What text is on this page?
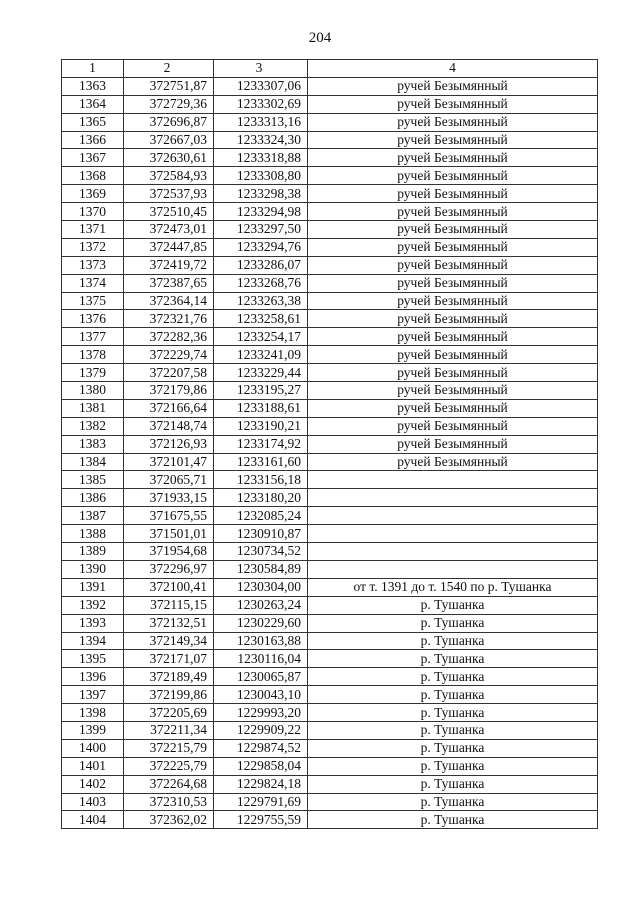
204
1	2	3	4
1363	372751,87	1233307,06	ручей Безымянный
1364	372729,36	1233302,69	ручей Безымянный
1365	372696,87	1233313,16	ручей Безымянный
1366	372667,03	1233324,30	ручей Безымянный
1367	372630,61	1233318,88	ручей Безымянный
1368	372584,93	1233308,80	ручей Безымянный
1369	372537,93	1233298,38	ручей Безымянный
1370	372510,45	1233294,98	ручей Безымянный
1371	372473,01	1233297,50	ручей Безымянный
1372	372447,85	1233294,76	ручей Безымянный
1373	372419,72	1233286,07	ручей Безымянный
1374	372387,65	1233268,76	ручей Безымянный
1375	372364,14	1233263,38	ручей Безымянный
1376	372321,76	1233258,61	ручей Безымянный
1377	372282,36	1233254,17	ручей Безымянный
1378	372229,74	1233241,09	ручей Безымянный
1379	372207,58	1233229,44	ручей Безымянный
1380	372179,86	1233195,27	ручей Безымянный
1381	372166,64	1233188,61	ручей Безымянный
1382	372148,74	1233190,21	ручей Безымянный
1383	372126,93	1233174,92	ручей Безымянный
1384	372101,47	1233161,60	ручей Безымянный
1385	372065,71	1233156,18	
1386	371933,15	1233180,20	
1387	371675,55	1232085,24	
1388	371501,01	1230910,87	
1389	371954,68	1230734,52	
1390	372296,97	1230584,89	
1391	372100,41	1230304,00	от т. 1391 до т. 1540 по р. Тушанка
1392	372115,15	1230263,24	р. Тушанка
1393	372132,51	1230229,60	р. Тушанка
1394	372149,34	1230163,88	р. Тушанка
1395	372171,07	1230116,04	р. Тушанка
1396	372189,49	1230065,87	р. Тушанка
1397	372199,86	1230043,10	р. Тушанка
1398	372205,69	1229993,20	р. Тушанка
1399	372211,34	1229909,22	р. Тушанка
1400	372215,79	1229874,52	р. Тушанка
1401	372225,79	1229858,04	р. Тушанка
1402	372264,68	1229824,18	р. Тушанка
1403	372310,53	1229791,69	р. Тушанка
1404	372362,02	1229755,59	р. Тушанка
